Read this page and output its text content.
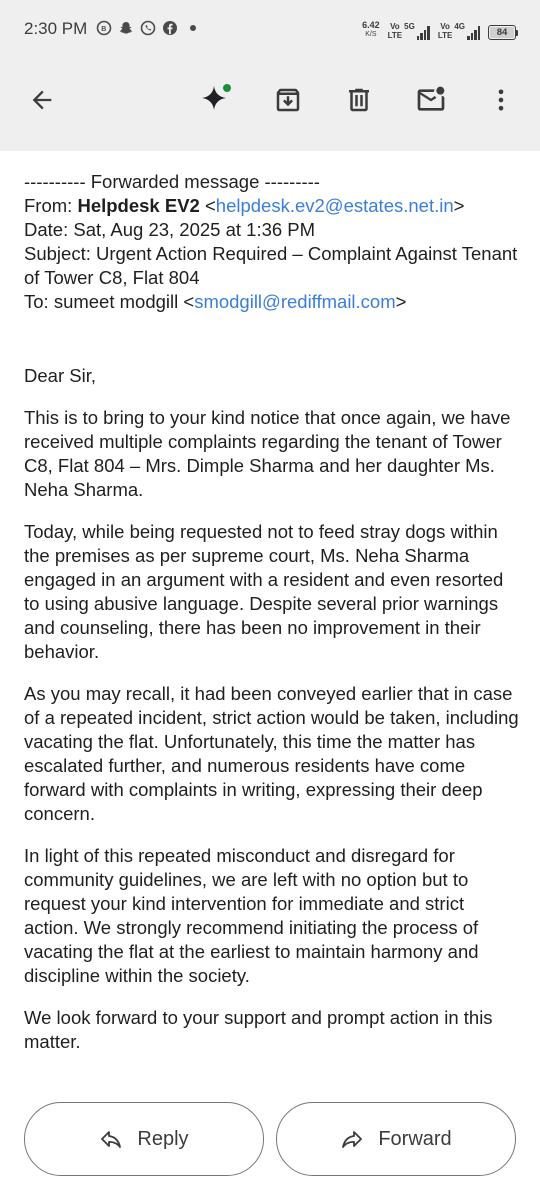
2:30 PM B	6.42
K/S
Vo
LTE
5G
	Vo
LTE
4G

84
---------- Forwarded message ---------
From: Helpdesk EV2 <helpdesk.ev2@estates.net.in>
Date: Sat, Aug 23, 2025 at 1:36 PM
Subject: Urgent Action Required – Complaint Against Tenant of Tower C8, Flat 804
To: sumeet modgill <smodgill@rediffmail.com>

Dear Sir,

This is to bring to your kind notice that once again, we have received multiple complaints regarding the tenant of Tower C8, Flat 804 – Mrs. Dimple Sharma and her daughter Ms. Neha Sharma.

Today, while being requested not to feed stray dogs within the premises as per supreme court, Ms. Neha Sharma engaged in an argument with a resident and even resorted to using abusive language. Despite several prior warnings and counseling, there has been no improvement in their behavior.

As you may recall, it had been conveyed earlier that in case of a repeated incident, strict action would be taken, including vacating the flat. Unfortunately, this time the matter has escalated further, and numerous residents have come forward with complaints in writing, expressing their deep concern.

In light of this repeated misconduct and disregard for community guidelines, we are left with no option but to request your kind intervention for immediate and strict action. We strongly recommend initiating the process of vacating the flat at the earliest to maintain harmony and discipline within the society.

We look forward to your support and prompt action in this matter.

Reply	Forward
